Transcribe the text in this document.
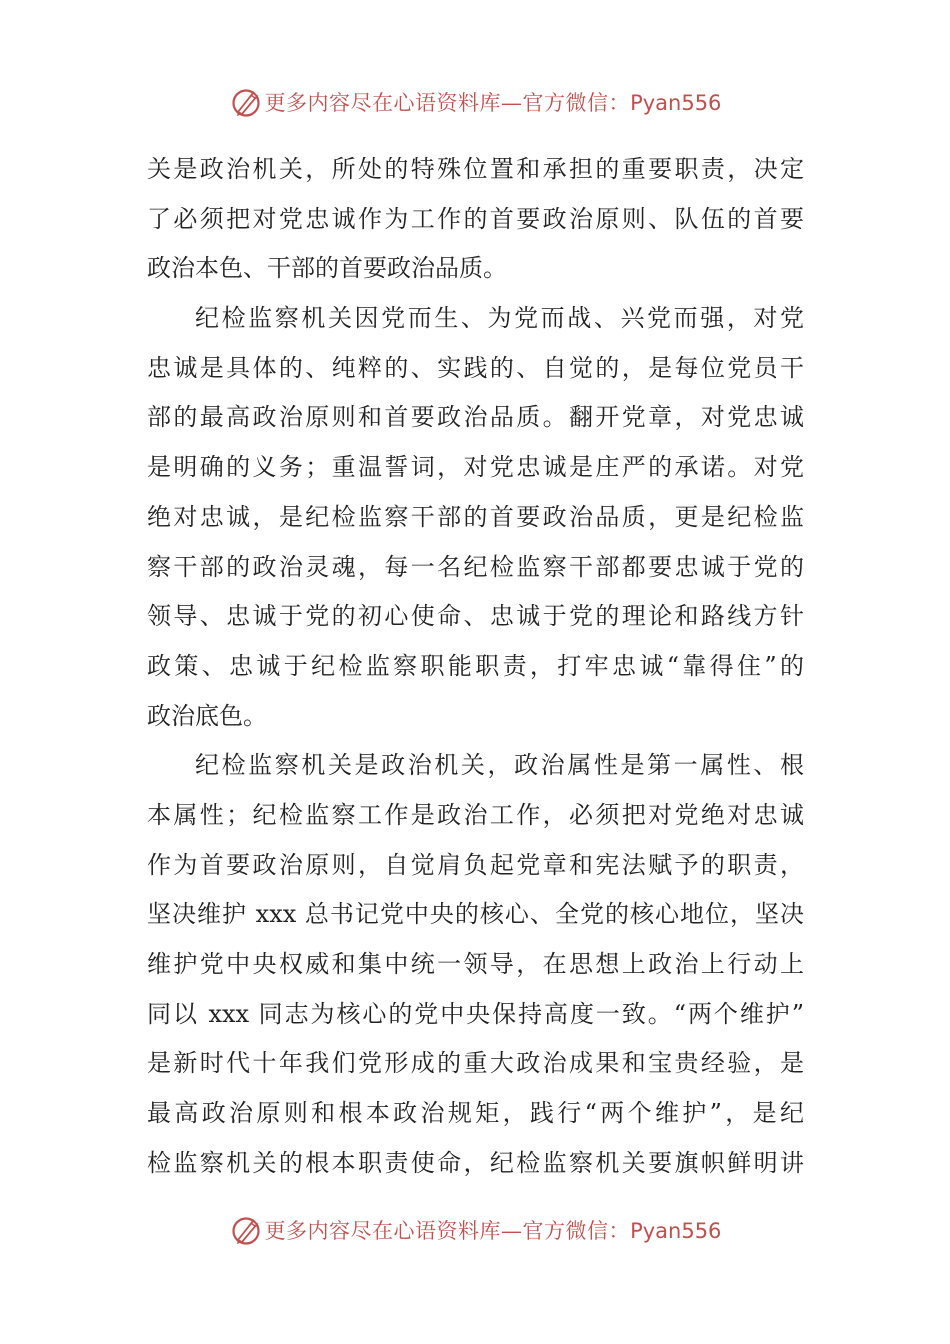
更多内容尽在心语资料库—官方微信：Pyan556
关是政治机关，所处的特殊位置和承担的重要职责，决定
了必须把对党忠诚作为工作的首要政治原则、队伍的首要
政治本色、干部的首要政治品质。
纪检监察机关因党而生、为党而战、兴党而强，对党
忠诚是具体的、纯粹的、实践的、自觉的，是每位党员干
部的最高政治原则和首要政治品质。翻开党章，对党忠诚
是明确的义务；重温誓词，对党忠诚是庄严的承诺。对党
绝对忠诚，是纪检监察干部的首要政治品质，更是纪检监
察干部的政治灵魂，每一名纪检监察干部都要忠诚于党的
领导、忠诚于党的初心使命、忠诚于党的理论和路线方针
政策、忠诚于纪检监察职能职责，打牢忠诚“靠得住”的
政治底色。
纪检监察机关是政治机关，政治属性是第一属性、根
本属性；纪检监察工作是政治工作，必须把对党绝对忠诚
作为首要政治原则，自觉肩负起党章和宪法赋予的职责，
坚决维护 xxx 总书记党中央的核心、全党的核心地位，坚决
维护党中央权威和集中统一领导，在思想上政治上行动上
同以 xxx 同志为核心的党中央保持高度一致。“两个维护”
是新时代十年我们党形成的重大政治成果和宝贵经验，是
最高政治原则和根本政治规矩，践行“两个维护”，是纪
检监察机关的根本职责使命，纪检监察机关要旗帜鲜明讲
更多内容尽在心语资料库—官方微信：Pyan556
